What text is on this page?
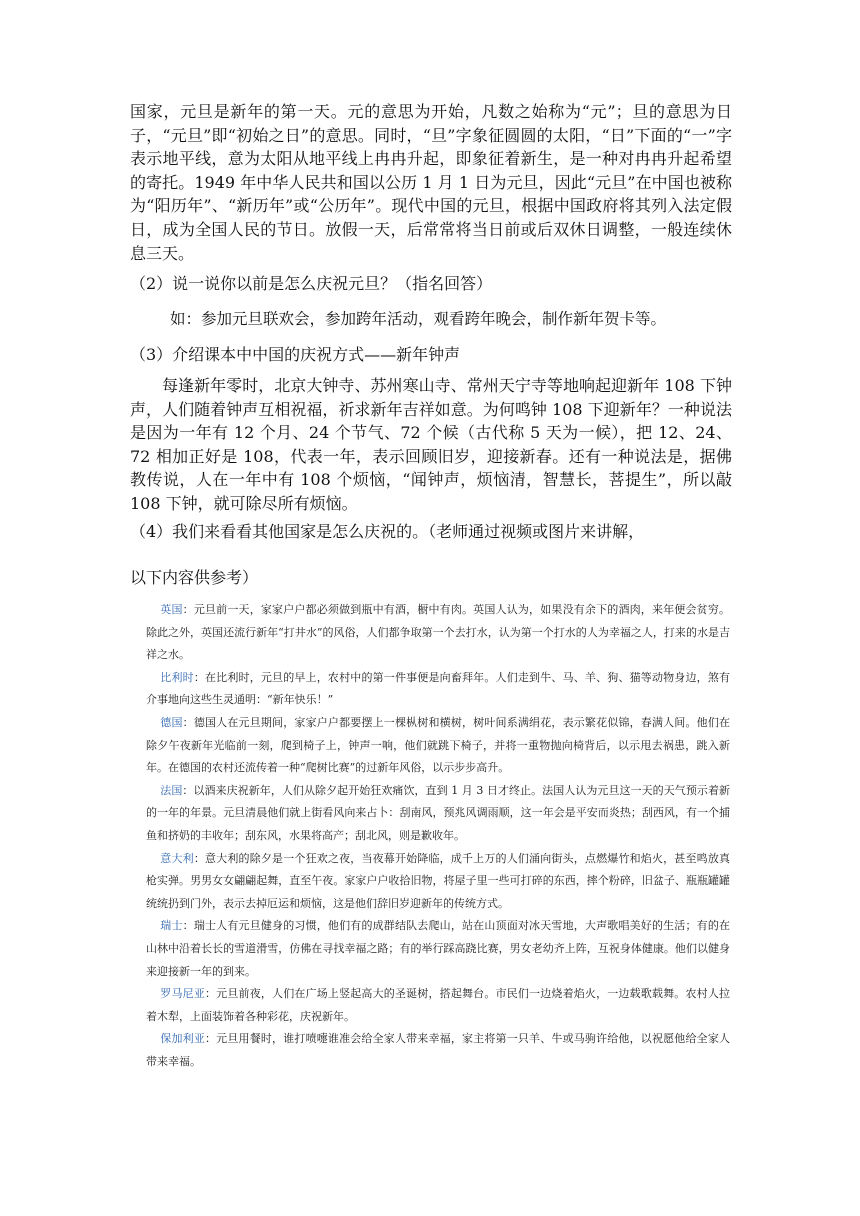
国家，元旦是新年的第一天。元的意思为开始，凡数之始称为“元”；旦的意思为日子，“元旦”即“初始之日”的意思。同时，“旦”字象征圆圆的太阳，“日”下面的“一”字表示地平线，意为太阳从地平线上冉冉升起，即象征着新生，是一种对冉冉升起希望的寄托。1949 年中华人民共和国以公历 1 月 1 日为元旦，因此“元旦”在中国也被称为“阳历年”、“新历年”或“公历年”。现代中国的元旦，根据中国政府将其列入法定假日，成为全国人民的节日。放假一天，后常常将当日前或后双休日调整，一般连续休息三天。
（2）说一说你以前是怎么庆祝元旦？（指名回答）
如：参加元旦联欢会，参加跨年活动，观看跨年晚会，制作新年贺卡等。
（3）介绍课本中中国的庆祝方式——新年钟声
每逢新年零时，北京大钟寺、苏州寒山寺、常州天宁寺等地响起迎新年 108 下钟声，人们随着钟声互相祝福，祈求新年吉祥如意。为何鸣钟 108 下迎新年？一种说法是因为一年有 12 个月、24 个节气、72 个候（古代称 5 天为一候），把 12、24、72 相加正好是 108，代表一年，表示回顾旧岁，迎接新春。还有一种说法是，据佛教传说，人在一年中有 108 个烦恼，“闻钟声，烦恼清，智慧长，菩提生”，所以敲 108 下钟，就可除尽所有烦恼。
（4）我们来看看其他国家是怎么庆祝的。（老师通过视频或图片来讲解，
以下内容供参考）
英国：元旦前一天，家家户户都必须做到瓶中有酒，橱中有肉。英国人认为，如果没有余下的酒肉，来年便会贫穷。除此之外，英国还流行新年“打井水”的风俗，人们都争取第一个去打水，认为第一个打水的人为幸福之人，打来的水是吉祥之水。
比利时：在比利时，元旦的早上，农村中的第一件事便是向畜拜年。人们走到牛、马、羊、狗、猫等动物身边，煞有介事地向这些生灵通明：“新年快乐！”
德国：德国人在元旦期间，家家户户都要摆上一棵枞树和横树，树叶间系满绢花，表示繁花似锦，春满人间。他们在除夕午夜新年光临前一刻，爬到椅子上，钟声一响，他们就跳下椅子，并将一重物抛向椅背后，以示甩去祸患，跳入新年。在德国的农村还流传着一种“爬树比赛”的过新年风俗，以示步步高升。
法国：以酒来庆祝新年，人们从除夕起开始狂欢痛饮，直到 1 月 3 日才终止。法国人认为元旦这一天的天气预示着新的一年的年景。元旦清晨他们就上街看风向来占卜：刮南风，预兆风调雨顺，这一年会是平安而炎热；刮西风，有一个捕鱼和挤奶的丰收年；刮东风，水果将高产；刮北风，则是歉收年。
意大利：意大利的除夕是一个狂欢之夜，当夜幕开始降临，成千上万的人们涌向街头，点燃爆竹和焰火，甚至鸣放真枪实弹。男男女女翩翩起舞，直至午夜。家家户户收拾旧物，将屋子里一些可打碎的东西，摔个粉碎，旧盆子、瓶瓶罐罐统统扔到门外，表示去掉厄运和烦恼，这是他们辞旧岁迎新年的传统方式。
瑞士：瑞士人有元旦健身的习惯，他们有的成群结队去爬山，站在山顶面对冰天雪地，大声歌唱美好的生活；有的在山林中沿着长长的雪道滑雪，仿佛在寻找幸福之路；有的举行踩高跷比赛，男女老幼齐上阵，互祝身体健康。他们以健身来迎接新一年的到来。
罗马尼亚：元旦前夜，人们在广场上竖起高大的圣诞树，搭起舞台。市民们一边烧着焰火，一边载歌载舞。农村人拉着木犁，上面装饰着各种彩花，庆祝新年。
保加利亚：元旦用餐时，谁打喷嚏谁准会给全家人带来幸福，家主将第一只羊、牛或马驹许给他，以祝愿他给全家人带来幸福。
